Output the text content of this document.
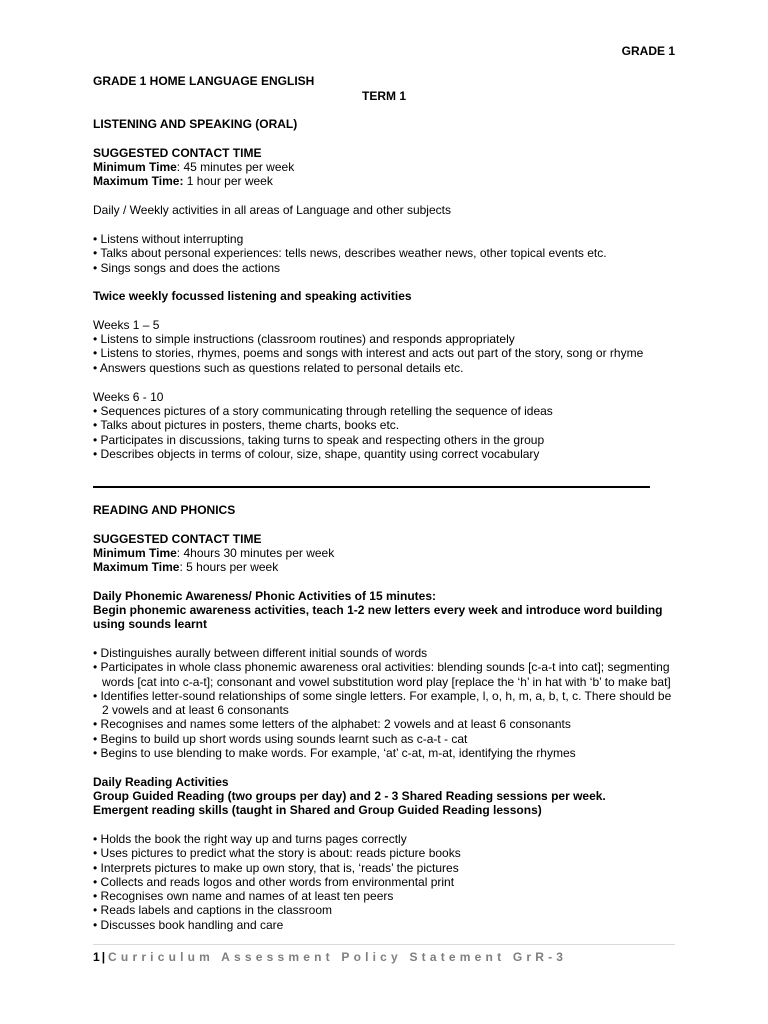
GRADE 1
GRADE 1 HOME LANGUAGE ENGLISH
TERM 1
LISTENING AND SPEAKING (ORAL)
SUGGESTED CONTACT TIME
Minimum Time: 45 minutes per week
Maximum Time: 1 hour per week
Daily / Weekly activities in all areas of Language and other subjects
• Listens without interrupting
• Talks about personal experiences: tells news, describes weather news, other topical events etc.
• Sings songs and does the actions
Twice weekly focussed listening and speaking activities
Weeks 1 – 5
• Listens to simple instructions (classroom routines) and responds appropriately
• Listens to stories, rhymes, poems and songs with interest and acts out part of the story, song or rhyme
• Answers questions such as questions related to personal details etc.
Weeks 6 - 10
• Sequences pictures of a story communicating through retelling the sequence of ideas
• Talks about pictures in posters, theme charts, books etc.
• Participates in discussions, taking turns to speak and respecting others in the group
• Describes objects in terms of colour, size, shape, quantity using correct vocabulary
READING AND PHONICS
SUGGESTED CONTACT TIME
Minimum Time: 4hours 30 minutes per week
Maximum Time: 5 hours per week
Daily Phonemic Awareness/ Phonic Activities of 15 minutes:
Begin phonemic awareness activities, teach 1-2 new letters every week and introduce word building
using sounds learnt
• Distinguishes aurally between different initial sounds of words
• Participates in whole class phonemic awareness oral activities: blending sounds [c-a-t into cat]; segmenting words [cat into c-a-t]; consonant and vowel substitution word play [replace the ‘h’ in hat with ‘b’ to make bat]
• Identifies letter-sound relationships of some single letters. For example, l, o, h, m, a, b, t, c. There should be 2 vowels and at least 6 consonants
• Recognises and names some letters of the alphabet: 2 vowels and at least 6 consonants
• Begins to build up short words using sounds learnt such as c-a-t - cat
• Begins to use blending to make words. For example, ‘at’ c-at, m-at, identifying the rhymes
Daily Reading Activities
Group Guided Reading (two groups per day) and 2 - 3 Shared Reading sessions per week.
Emergent reading skills (taught in Shared and Group Guided Reading lessons)
• Holds the book the right way up and turns pages correctly
• Uses pictures to predict what the story is about: reads picture books
• Interprets pictures to make up own story, that is, ‘reads’ the pictures
• Collects and reads logos and other words from environmental print
• Recognises own name and names of at least ten peers
• Reads labels and captions in the classroom
• Discusses book handling and care
1 | Curriculum Assessment Policy Statement GrR-3
